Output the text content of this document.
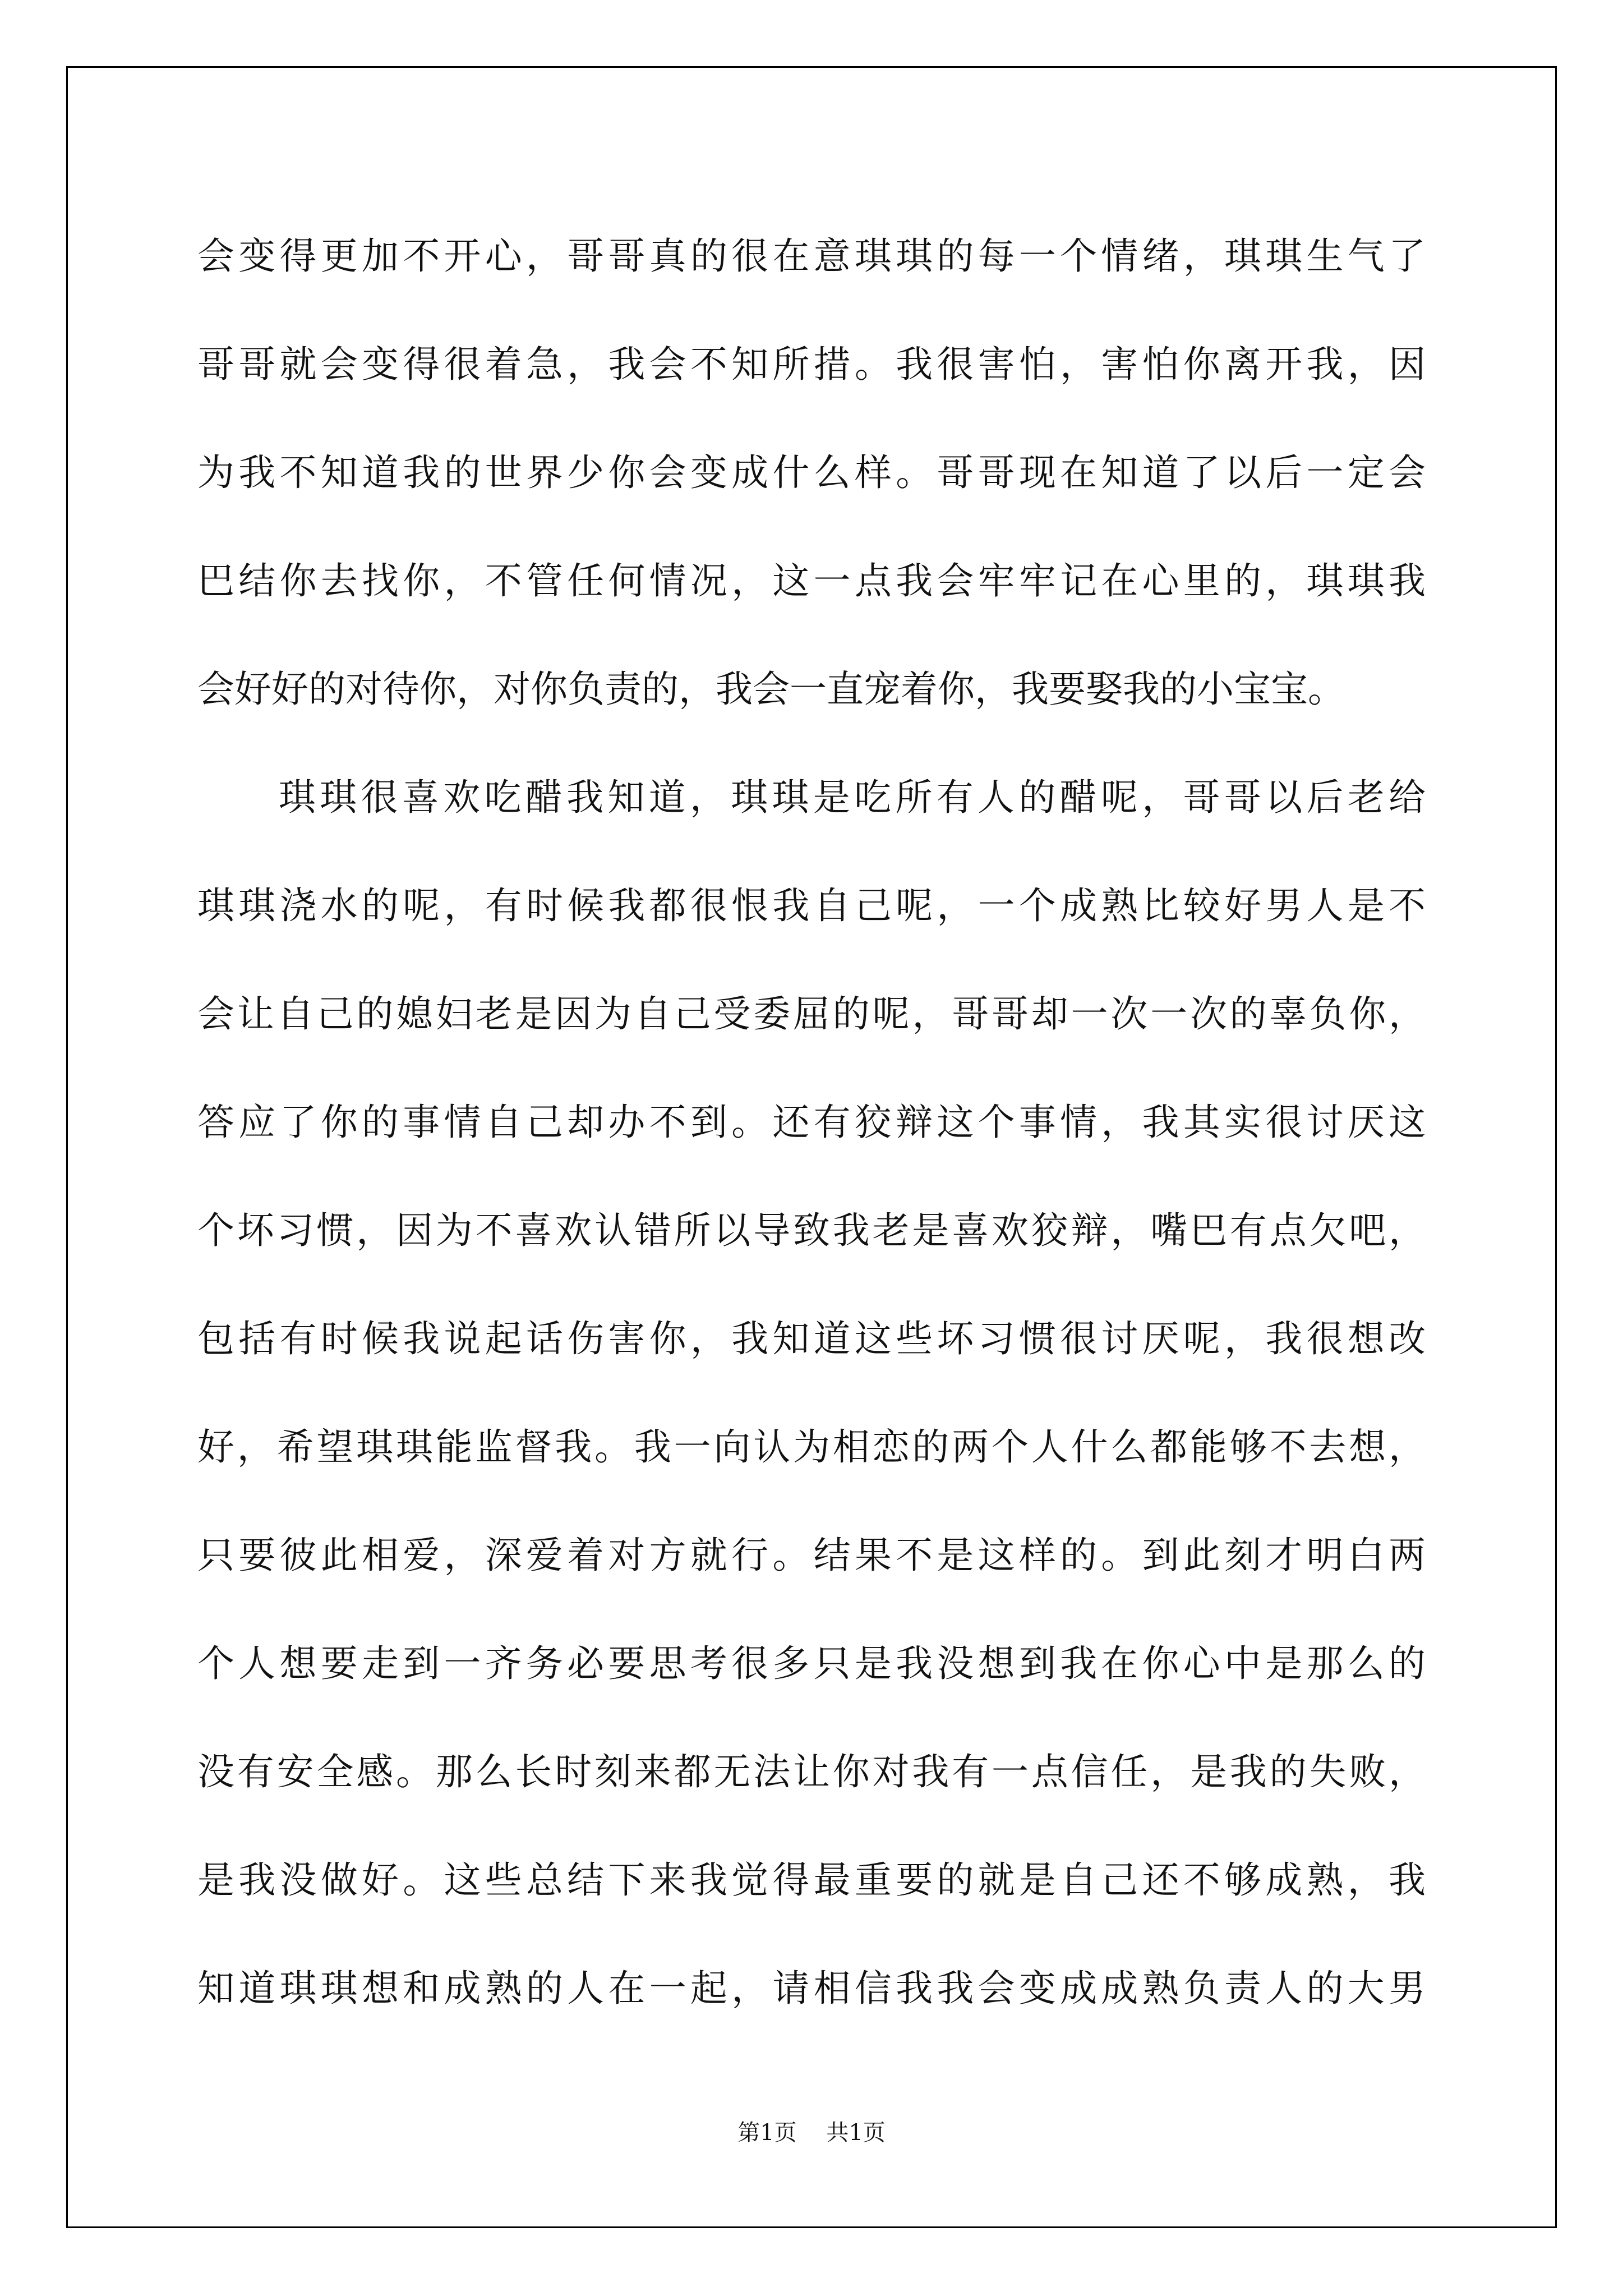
会变得更加不开心，哥哥真的很在意琪琪的每一个情绪，琪琪生气了
哥哥就会变得很着急，我会不知所措。我很害怕，害怕你离开我，因
为我不知道我的世界少你会变成什么样。哥哥现在知道了以后一定会
巴结你去找你，不管任何情况，这一点我会牢牢记在心里的，琪琪我
会好好的对待你，对你负责的，我会一直宠着你，我要娶我的小宝宝。
琪琪很喜欢吃醋我知道，琪琪是吃所有人的醋呢，哥哥以后老给
琪琪浇水的呢，有时候我都很恨我自己呢，一个成熟比较好男人是不
会让自己的媳妇老是因为自己受委屈的呢，哥哥却一次一次的辜负你，
答应了你的事情自己却办不到。还有狡辩这个事情，我其实很讨厌这
个坏习惯，因为不喜欢认错所以导致我老是喜欢狡辩，嘴巴有点欠吧，
包括有时候我说起话伤害你，我知道这些坏习惯很讨厌呢，我很想改
好，希望琪琪能监督我。我一向认为相恋的两个人什么都能够不去想，
只要彼此相爱，深爱着对方就行。结果不是这样的。到此刻才明白两
个人想要走到一齐务必要思考很多只是我没想到我在你心中是那么的
没有安全感。那么长时刻来都无法让你对我有一点信任，是我的失败，
是我没做好。这些总结下来我觉得最重要的就是自己还不够成熟，我
知道琪琪想和成熟的人在一起，请相信我我会变成成熟负责人的大男
第1页 共1页
